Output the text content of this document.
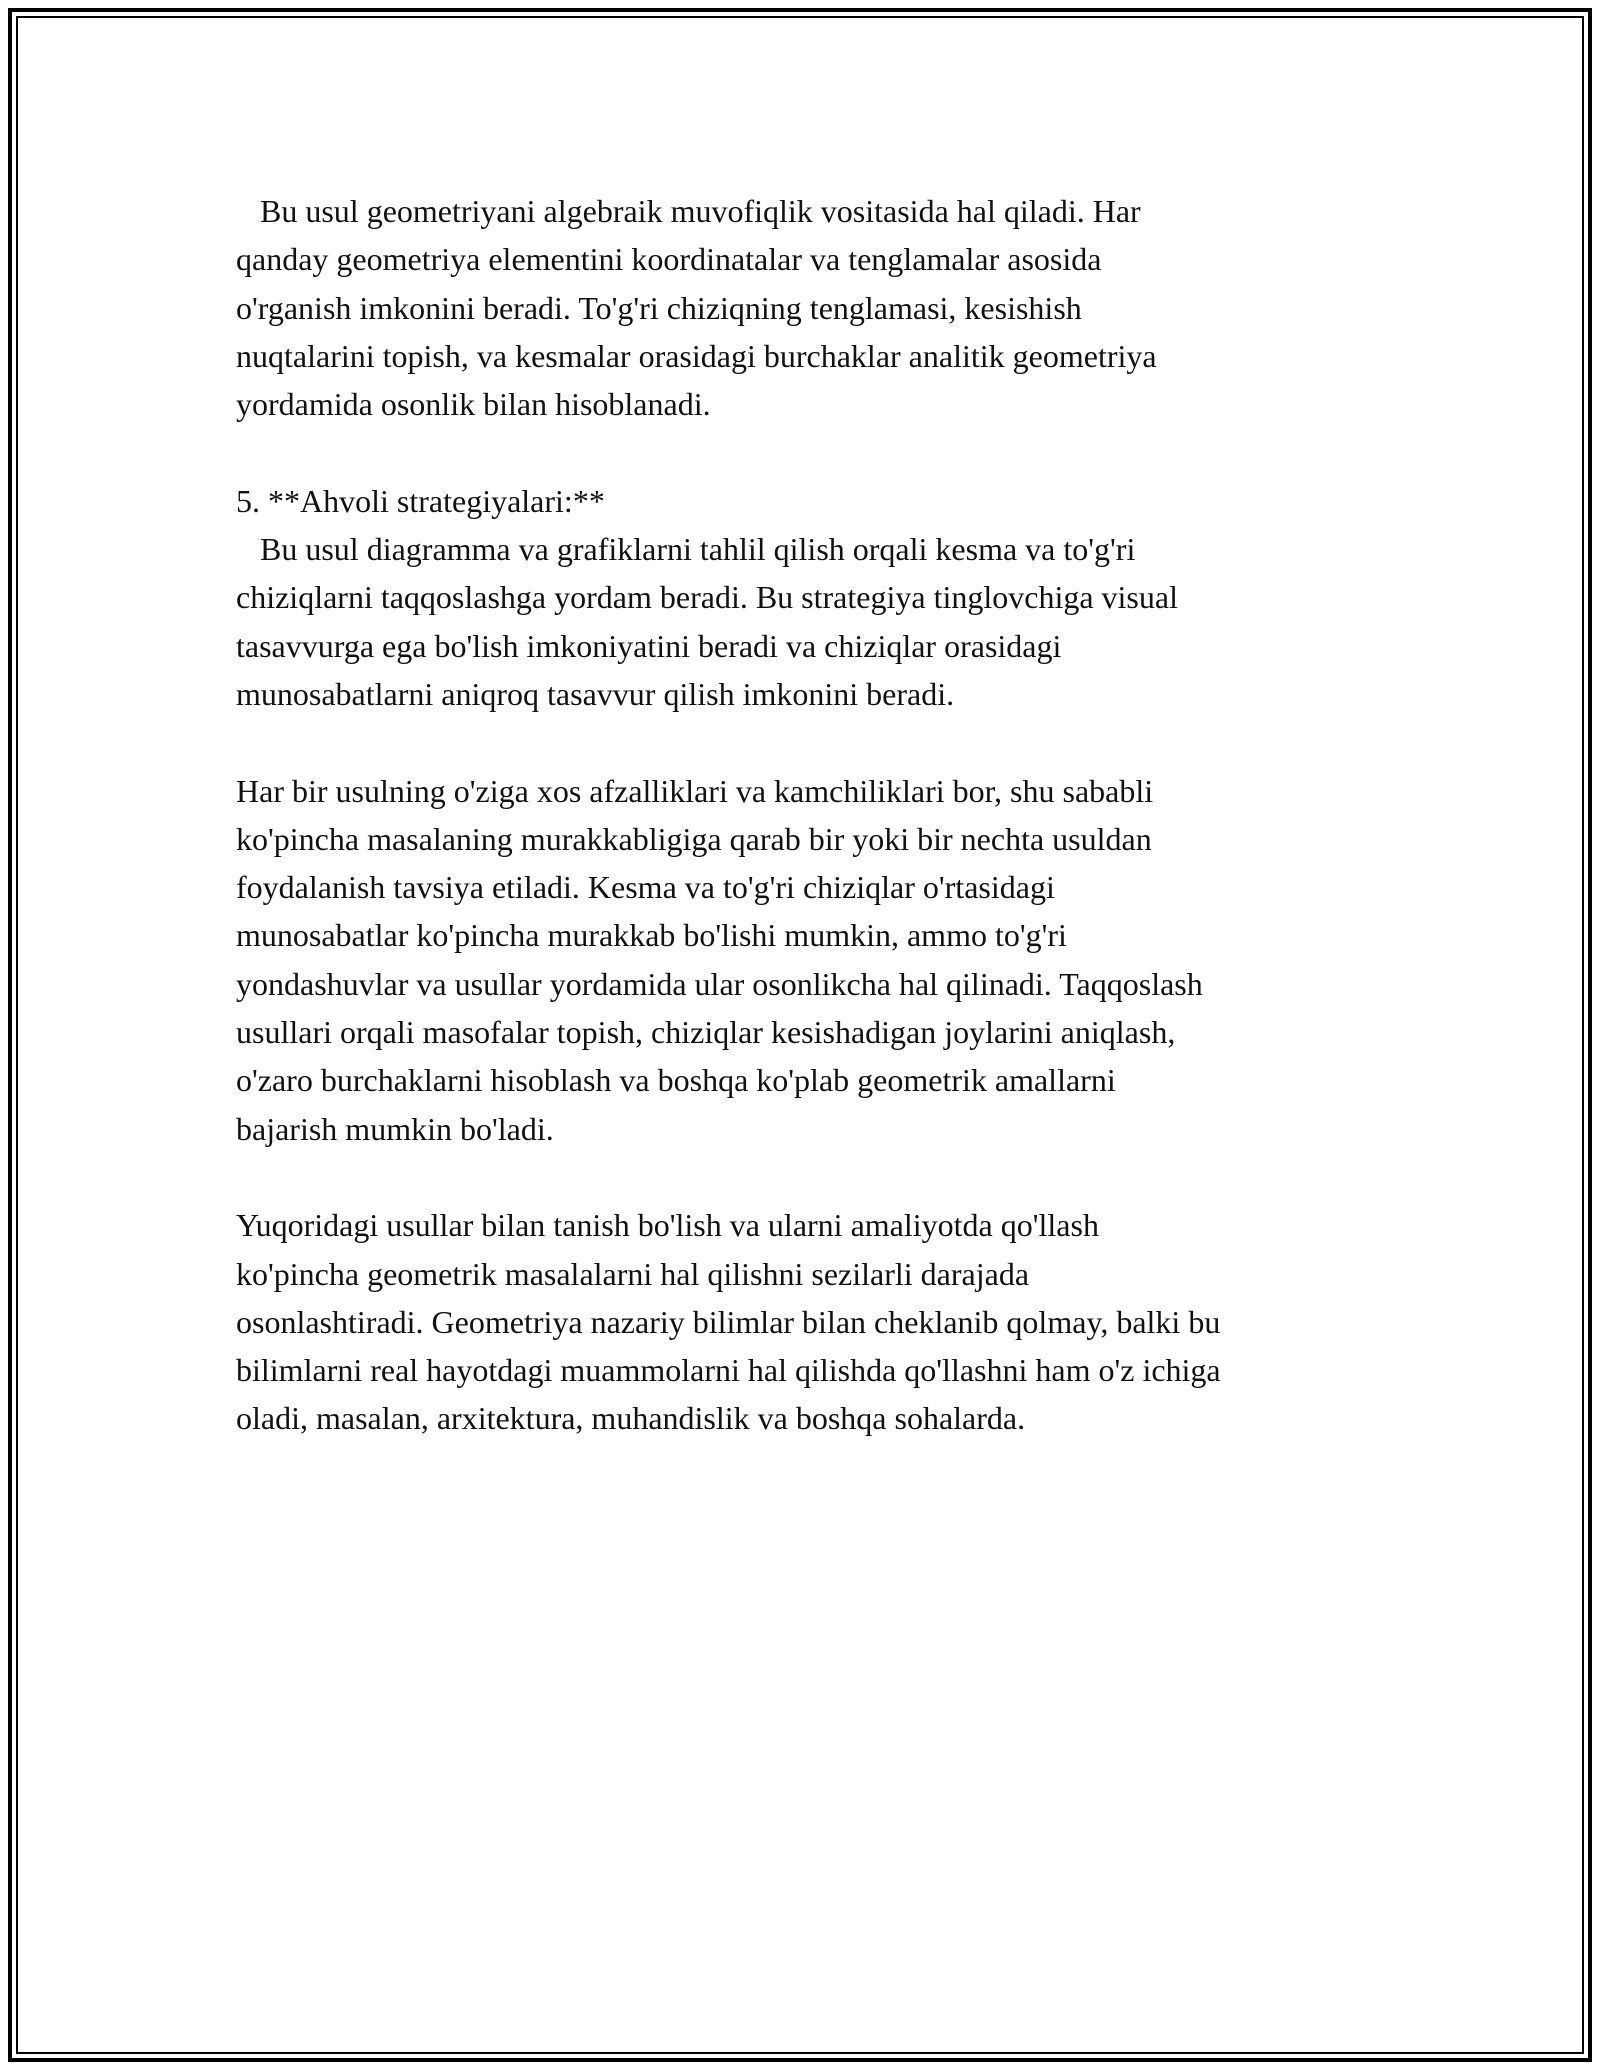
Bu usul geometriyani algebraik muvofiqlik vositasida hal qiladi. Har

qanday geometriya elementini koordinatalar va tenglamalar asosida

o'rganish imkonini beradi. To'g'ri chiziqning tenglamasi, kesishish

nuqtalarini topish, va kesmalar orasidagi burchaklar analitik geometriya

yordamida osonlik bilan hisoblanadi.

5. **Ahvoli strategiyalari:**

Bu usul diagramma va grafiklarni tahlil qilish orqali kesma va to'g'ri

chiziqlarni taqqoslashga yordam beradi. Bu strategiya tinglovchiga visual

tasavvurga ega bo'lish imkoniyatini beradi va chiziqlar orasidagi

munosabatlarni aniqroq tasavvur qilish imkonini beradi.

Har bir usulning o'ziga xos afzalliklari va kamchiliklari bor, shu sababli

ko'pincha masalaning murakkabligiga qarab bir yoki bir nechta usuldan

foydalanish tavsiya etiladi. Kesma va to'g'ri chiziqlar o'rtasidagi

munosabatlar ko'pincha murakkab bo'lishi mumkin, ammo to'g'ri

yondashuvlar va usullar yordamida ular osonlikcha hal qilinadi. Taqqoslash

usullari orqali masofalar topish, chiziqlar kesishadigan joylarini aniqlash,

o'zaro burchaklarni hisoblash va boshqa ko'plab geometrik amallarni

bajarish mumkin bo'ladi.

Yuqoridagi usullar bilan tanish bo'lish va ularni amaliyotda qo'llash

ko'pincha geometrik masalalarni hal qilishni sezilarli darajada

osonlashtiradi. Geometriya nazariy bilimlar bilan cheklanib qolmay, balki bu

bilimlarni real hayotdagi muammolarni hal qilishda qo'llashni ham o'z ichiga

oladi, masalan, arxitektura, muhandislik va boshqa sohalarda.
